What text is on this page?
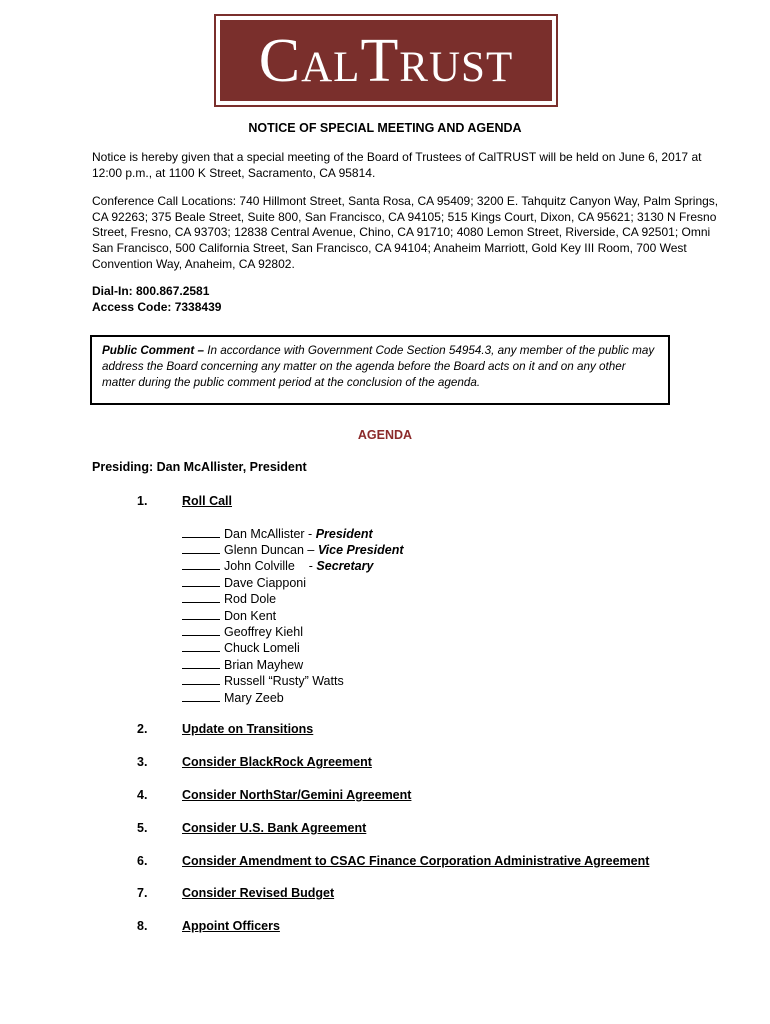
CalTrust
NOTICE OF SPECIAL MEETING AND AGENDA
Notice is hereby given that a special meeting of the Board of Trustees of CalTRUST will be held on June 6, 2017 at 12:00 p.m., at 1100 K Street, Sacramento, CA 95814.
Conference Call Locations: 740 Hillmont Street, Santa Rosa, CA 95409; 3200 E. Tahquitz Canyon Way, Palm Springs, CA 92263; 375 Beale Street, Suite 800, San Francisco, CA 94105; 515 Kings Court, Dixon, CA 95621; 3130 N Fresno Street, Fresno, CA 93703; 12838 Central Avenue, Chino, CA 91710; 4080 Lemon Street, Riverside, CA 92501; Omni San Francisco, 500 California Street, San Francisco, CA 94104; Anaheim Marriott, Gold Key III Room, 700 West Convention Way, Anaheim, CA 92802.
Dial-In: 800.867.2581
Access Code: 7338439
Public Comment – In accordance with Government Code Section 54954.3, any member of the public may address the Board concerning any matter on the agenda before the Board acts on it and on any other matter during the public comment period at the conclusion of the agenda.
AGENDA
Presiding: Dan McAllister, President
1.	Roll Call
Dan McAllister - President
Glenn Duncan – Vice President
John Colville    - Secretary
Dave Ciapponi
Rod Dole
Don Kent
Geoffrey Kiehl
Chuck Lomeli
Brian Mayhew
Russell “Rusty” Watts
Mary Zeeb
2.	Update on Transitions
3.	Consider BlackRock Agreement
4.	Consider NorthStar/Gemini Agreement
5.	Consider U.S. Bank Agreement
6.	Consider Amendment to CSAC Finance Corporation Administrative Agreement
7.	Consider Revised Budget
8.	Appoint Officers
